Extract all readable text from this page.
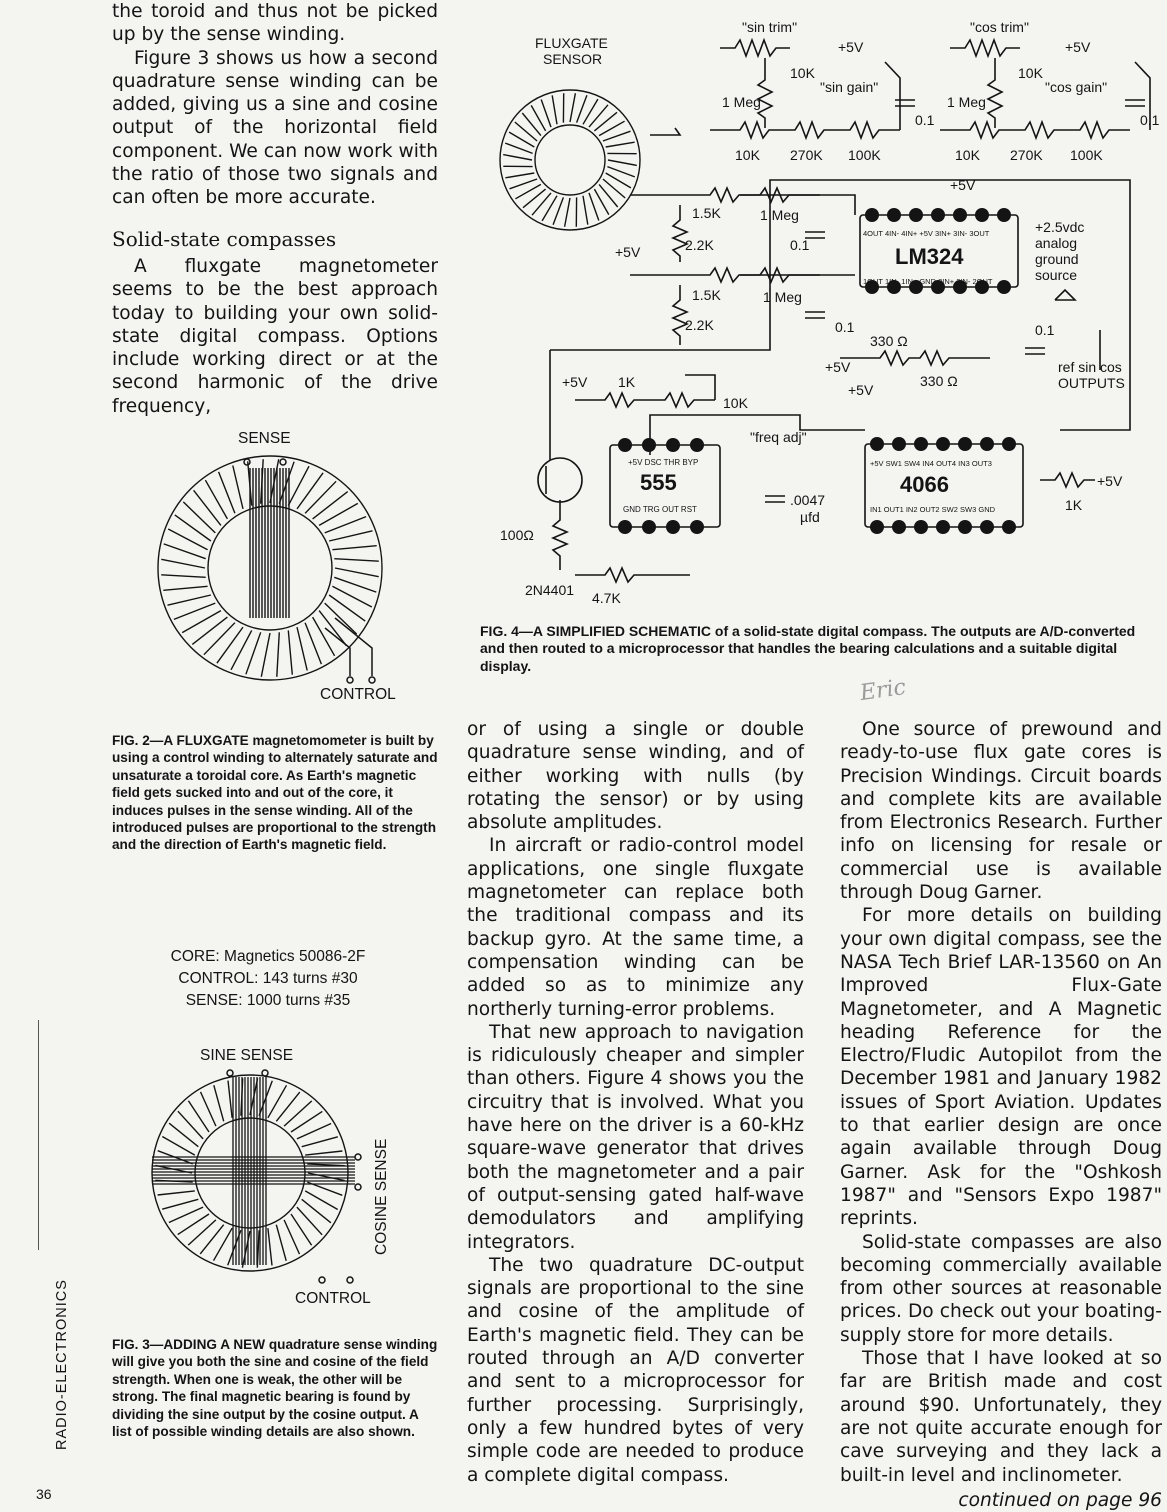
the toroid and thus not be picked up by the sense winding.

Figure 3 shows us how a second quadrature sense winding can be added, giving us a sine and cosine output of the horizontal field component. We can now work with the ratio of those two signals and can often be more accurate.

Solid-state compasses

A fluxgate magnetometer seems to be the best approach today to building your own solid-state digital compass. Options include working direct or at the second harmonic of the drive frequency,

SENSE
CONTROL

FIG. 2—A FLUXGATE magnetomometer is built by using a control winding to alternately saturate and unsaturate a toroidal core. As Earth's magnetic field gets sucked into and out of the core, it induces pulses in the sense winding. All of the introduced pulses are proportional to the strength and the direction of Earth's magnetic field.

CORE: Magnetics 50086-2F
CONTROL: 143 turns #30
SENSE: 1000 turns #35
SINE SENSE
COSINE SENSE
CONTROL

FIG. 3—ADDING A NEW quadrature sense winding will give you both the sine and cosine of the field strength. When one is weak, the other will be strong. The final magnetic bearing is found by dividing the sine output by the cosine output. A list of possible winding details are also shown.

FLUXGATE
SENSOR
"sin trim"	"cos trim"
"sin gain"	"cos gain"
+5V	+5V
10K	10K
1 Meg	1 Meg
10K 270K 100K	10K 270K 100K
0.1	0.1
+5V
1.5K	1 Meg
2.2K
+5V	0.1
1.5K	1 Meg
2.2K	0.1
330 Ω
330 Ω
0.1
+5V
+5V
+5V 1K
10K
"freq adj"
.0047
µfd
100Ω
2N4401 4.7K
+5V
1K
+2.5vdc
analog
ground
source
ref sin cos
OUTPUTS
LM324
4OUT 4IN- 4IN+ +5V 3IN+ 3IN- 3OUT
1OUT 1IN- 1IN+ GND 2IN+ 2IN- 2OUT
555
+5V DSC THR BYP
GND TRG OUT RST
4066
+5V SW1 SW4 IN4 OUT4 IN3 OUT3
IN1 OUT1 IN2 OUT2 SW2 SW3 GND

FIG. 4—A SIMPLIFIED SCHEMATIC of a solid-state digital compass. The outputs are A/D-converted and then routed to a microprocessor that handles the bearing calculations and a suitable digital display.

Eric

or of using a single or double quadrature sense winding, and of either working with nulls (by rotating the sensor) or by using absolute amplitudes.

In aircraft or radio-control model applications, one single fluxgate magnetometer can replace both the traditional compass and its backup gyro. At the same time, a compensation winding can be added so as to minimize any northerly turning-error problems.

That new approach to navigation is ridiculously cheaper and simpler than others. Figure 4 shows you the circuitry that is involved. What you have here on the driver is a 60-kHz square-wave generator that drives both the magnetometer and a pair of output-sensing gated half-wave demodulators and amplifying integrators.

The two quadrature DC-output signals are proportional to the sine and cosine of the amplitude of Earth's magnetic field. They can be routed through an A/D converter and sent to a microprocessor for further processing. Surprisingly, only a few hundred bytes of very simple code are needed to produce a complete digital compass.

One source of prewound and ready-to-use flux gate cores is Precision Windings. Circuit boards and complete kits are available from Electronics Research. Further info on licensing for resale or commercial use is available through Doug Garner.

For more details on building your own digital compass, see the NASA Tech Brief LAR-13560 on An Improved Flux-Gate Magnetometer, and A Magnetic heading Reference for the Electro/Fludic Autopilot from the December 1981 and January 1982 issues of Sport Aviation. Updates to that earlier design are once again available through Doug Garner. Ask for the "Oshkosh 1987" and "Sensors Expo 1987" reprints.

Solid-state compasses are also becoming commercially available from other sources at reasonable prices. Do check out your boating-supply store for more details.

Those that I have looked at so far are British made and cost around $90. Unfortunately, they are not quite accurate enough for cave surveying and they lack a built-in level and inclinometer.

continued on page 96
RADIO-ELECTRONICS
36
